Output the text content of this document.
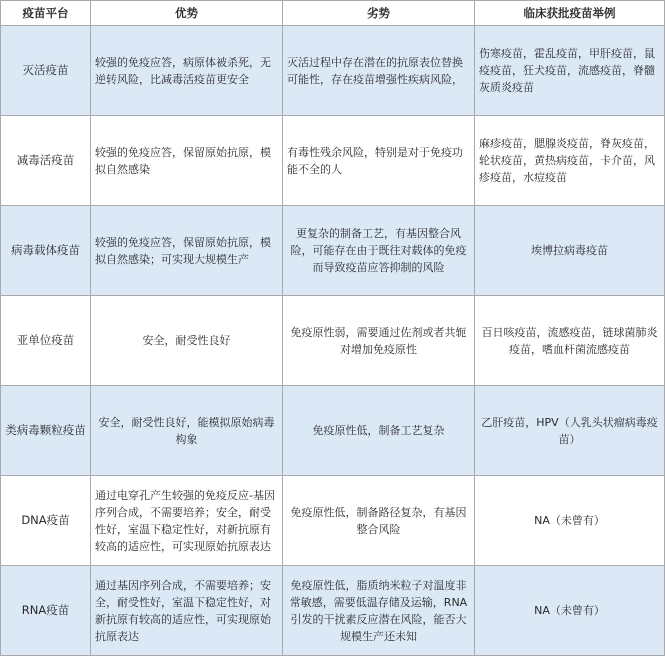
疫苗平台	优势	劣势	临床获批疫苗举例
灭活疫苗	较强的免疫应答，病原体被杀死，无逆转风险，比减毒活疫苗更安全	灭活过程中存在潜在的抗原表位替换可能性，存在疫苗增强性疾病风险，	伤寒疫苗，霍乱疫苗，甲肝疫苗，鼠疫疫苗，狂犬疫苗，流感疫苗，脊髓灰质炎疫苗
减毒活疫苗	较强的免疫应答，保留原始抗原，模拟自然感染	有毒性残余风险，特别是对于免疫功能不全的人	麻疹疫苗，腮腺炎疫苗，脊灰疫苗，轮状疫苗，黄热病疫苗，卡介苗，风疹疫苗，水痘疫苗
病毒载体疫苗	较强的免疫应答，保留原始抗原，模拟自然感染；可实现大规模生产	更复杂的制备工艺，有基因整合风险，可能存在由于既往对载体的免疫而导致疫苗应答抑制的风险	埃博拉病毒疫苗
亚单位疫苗	安全，耐受性良好	免疫原性弱，需要通过佐剂或者共轭对增加免疫原性	百日咳疫苗，流感疫苗，链球菌肺炎疫苗，嗜血杆菌流感疫苗
类病毒颗粒疫苗	安全，耐受性良好，能模拟原始病毒构象	免疫原性低，制备工艺复杂	乙肝疫苗，HPV（人乳头状瘤病毒疫苗）
DNA疫苗	通过电穿孔产生较强的免疫反应-基因序列合成，不需要培养；安全，耐受性好，室温下稳定性好，对新抗原有较高的适应性，可实现原始抗原表达	免疫原性低，制备路径复杂，有基因整合风险	NA（未曾有）
RNA疫苗	通过基因序列合成，不需要培养；安全，耐受性好，室温下稳定性好，对新抗原有较高的适应性，可实现原始抗原表达	免疫原性低，脂质纳米粒子对温度非常敏感，需要低温存储及运输，RNA引发的干扰素反应潜在风险，能否大规模生产还未知	NA（未曾有）
